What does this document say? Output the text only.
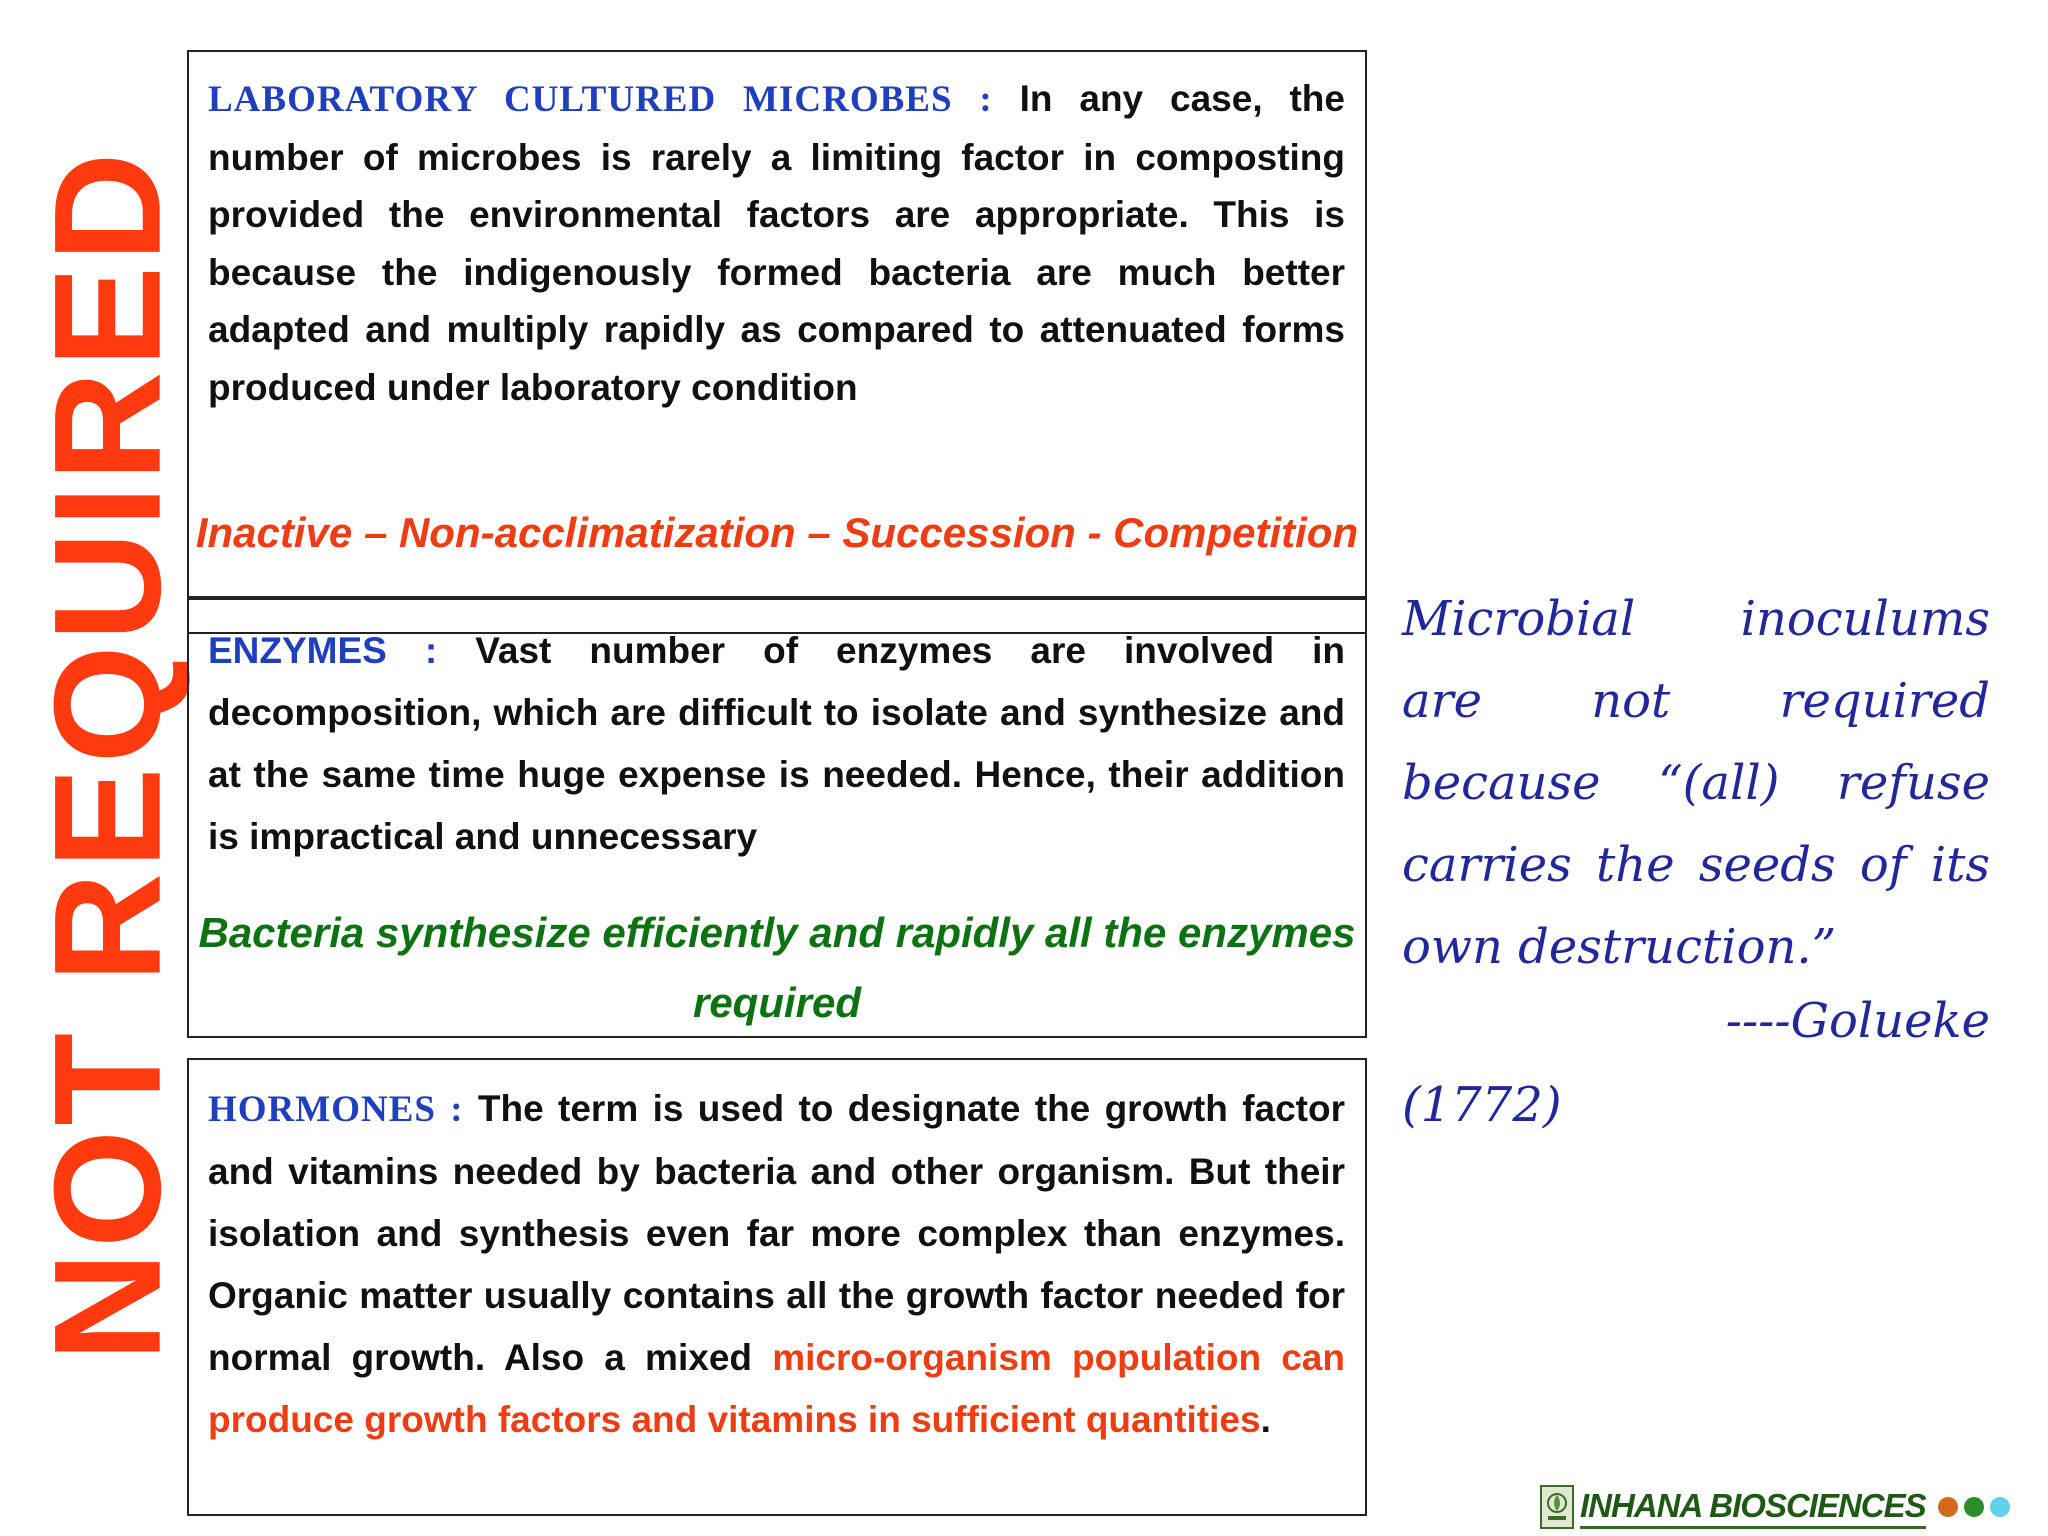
NOT REQUIRED

LABORATORY CULTURED MICROBES : In any case, the number of microbes is rarely a limiting factor in composting provided the environmental factors are appropriate. This is because the indigenously formed bacteria are much better adapted and multiply rapidly as compared to attenuated forms produced under laboratory condition

Inactive – Non-acclimatization – Succession - Competition

ENZYMES : Vast number of enzymes are involved in decomposition, which are difficult to isolate and synthesize and at the same time huge expense is needed. Hence, their addition is impractical and unnecessary

Bacteria synthesize efficiently and rapidly all the enzymes required

HORMONES : The term is used to designate the growth factor and vitamins needed by bacteria and other organism. But their isolation and synthesis even far more complex than enzymes. Organic matter usually contains all the growth factor needed for normal growth. Also a mixed micro-organism population can produce growth factors and vitamins in sufficient quantities.

Microbial inoculums are not required because “(all) refuse carries the seeds of its own destruction.”

----Golueke

(1772)

INHANA BIOSCIENCES
